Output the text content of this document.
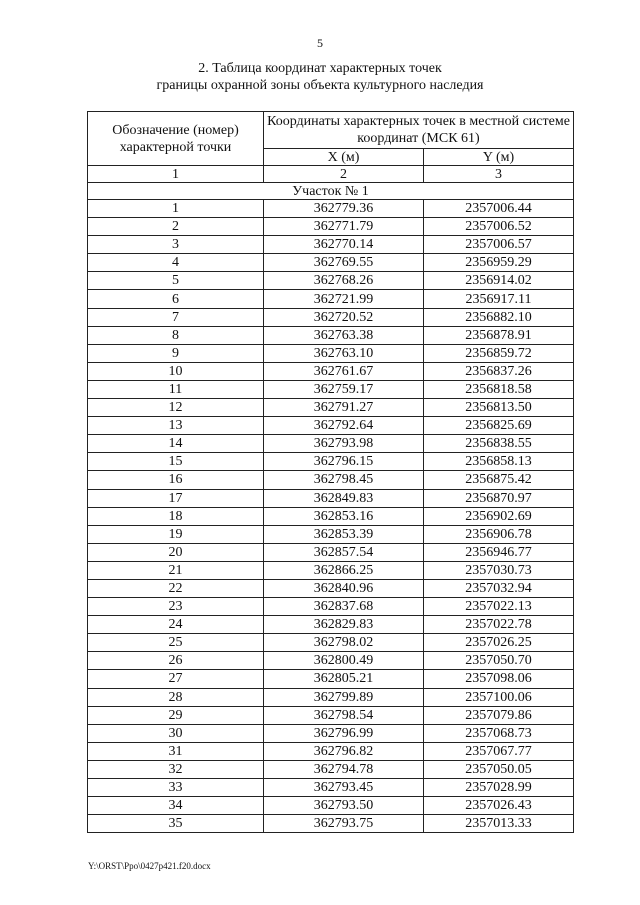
5
2. Таблица координат характерных точек
границы охранной зоны объекта культурного наследия
Обозначение (номер) характерной точки	Координаты характерных точек в местной системе координат (МСК 61)	
	X (м)	Y (м)
1	2	3
Участок № 1		
1	362779.36	2357006.44
2	362771.79	2357006.52
3	362770.14	2357006.57
4	362769.55	2356959.29
5	362768.26	2356914.02
6	362721.99	2356917.11
7	362720.52	2356882.10
8	362763.38	2356878.91
9	362763.10	2356859.72
10	362761.67	2356837.26
11	362759.17	2356818.58
12	362791.27	2356813.50
13	362792.64	2356825.69
14	362793.98	2356838.55
15	362796.15	2356858.13
16	362798.45	2356875.42
17	362849.83	2356870.97
18	362853.16	2356902.69
19	362853.39	2356906.78
20	362857.54	2356946.77
21	362866.25	2357030.73
22	362840.96	2357032.94
23	362837.68	2357022.13
24	362829.83	2357022.78
25	362798.02	2357026.25
26	362800.49	2357050.70
27	362805.21	2357098.06
28	362799.89	2357100.06
29	362798.54	2357079.86
30	362796.99	2357068.73
31	362796.82	2357067.77
32	362794.78	2357050.05
33	362793.45	2357028.99
34	362793.50	2357026.43
35	362793.75	2357013.33
Y:\ORST\Ppo\0427p421.f20.docx
